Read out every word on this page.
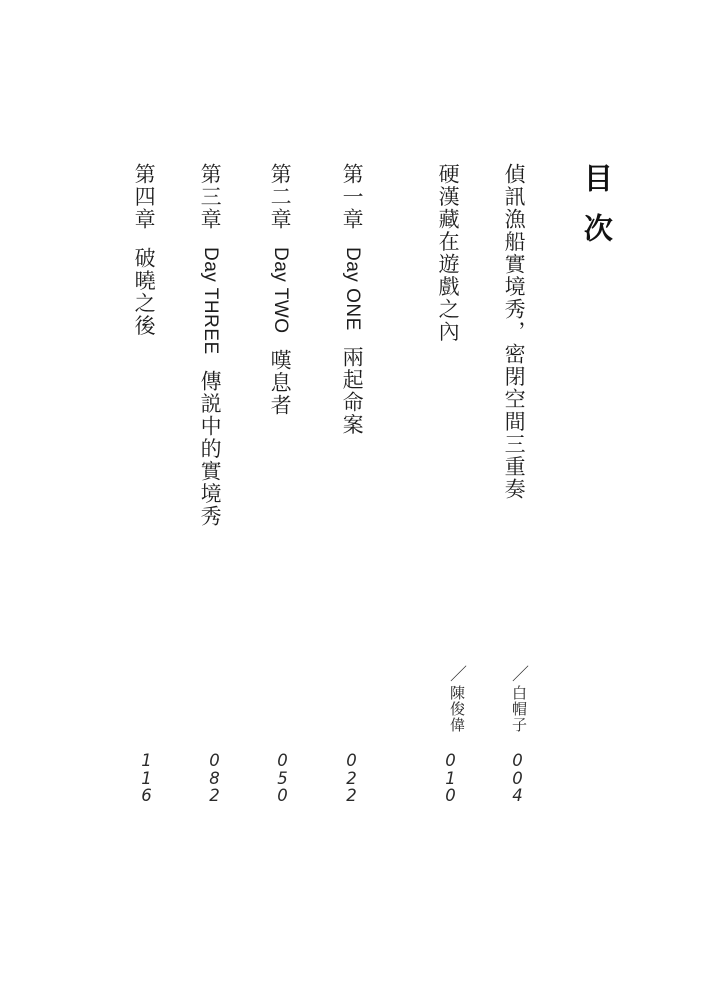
目次
偵訊漁船實境秀，密閉空間三重奏
硬漢藏在遊戲之內
第一章Day ONE兩起命案
第二章Day TWO嘆息者
第三章Day THREE傳説中的實境秀
第四章破曉之後
／白帽子
／陳俊偉
004
010
022
050
082
116
